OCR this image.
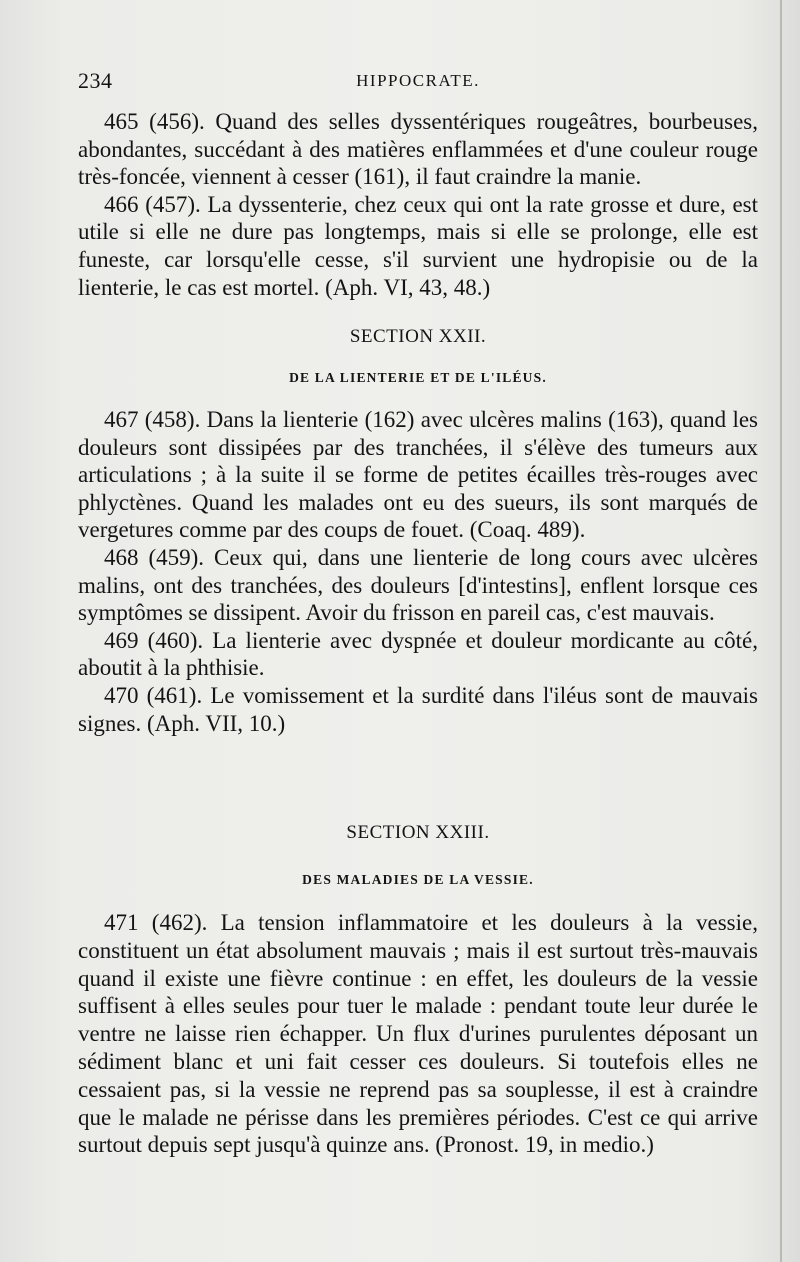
234	HIPPOCRATE.

465 (456). Quand des selles dyssentériques rougeâtres, bourbeuses, abondantes, succédant à des matières enflammées et d'une couleur rouge très-foncée, viennent à cesser (161), il faut craindre la manie.

466 (457). La dyssenterie, chez ceux qui ont la rate grosse et dure, est utile si elle ne dure pas longtemps, mais si elle se prolonge, elle est funeste, car lorsqu'elle cesse, s'il survient une hydropisie ou de la lienterie, le cas est mortel. (Aph. VI, 43, 48.)

SECTION XXII.
DE LA LIENTERIE ET DE L'ILÉUS.

467 (458). Dans la lienterie (162) avec ulcères malins (163), quand les douleurs sont dissipées par des tranchées, il s'élève des tumeurs aux articulations ; à la suite il se forme de petites écailles très-rouges avec phlyctènes. Quand les malades ont eu des sueurs, ils sont marqués de vergetures comme par des coups de fouet. (Coaq. 489).

468 (459). Ceux qui, dans une lienterie de long cours avec ulcères malins, ont des tranchées, des douleurs [d'intestins], enflent lorsque ces symptômes se dissipent. Avoir du frisson en pareil cas, c'est mauvais.

469 (460). La lienterie avec dyspnée et douleur mordicante au côté, aboutit à la phthisie.

470 (461). Le vomissement et la surdité dans l'iléus sont de mauvais signes. (Aph. VII, 10.)

SECTION XXIII.
DES MALADIES DE LA VESSIE.

471 (462). La tension inflammatoire et les douleurs à la vessie, constituent un état absolument mauvais ; mais il est surtout très-mauvais quand il existe une fièvre continue : en effet, les douleurs de la vessie suffisent à elles seules pour tuer le malade : pendant toute leur durée le ventre ne laisse rien échapper. Un flux d'urines purulentes déposant un sédiment blanc et uni fait cesser ces douleurs. Si toutefois elles ne cessaient pas, si la vessie ne reprend pas sa souplesse, il est à craindre que le malade ne périsse dans les premières périodes. C'est ce qui arrive surtout depuis sept jusqu'à quinze ans. (Pronost. 19, in medio.)
